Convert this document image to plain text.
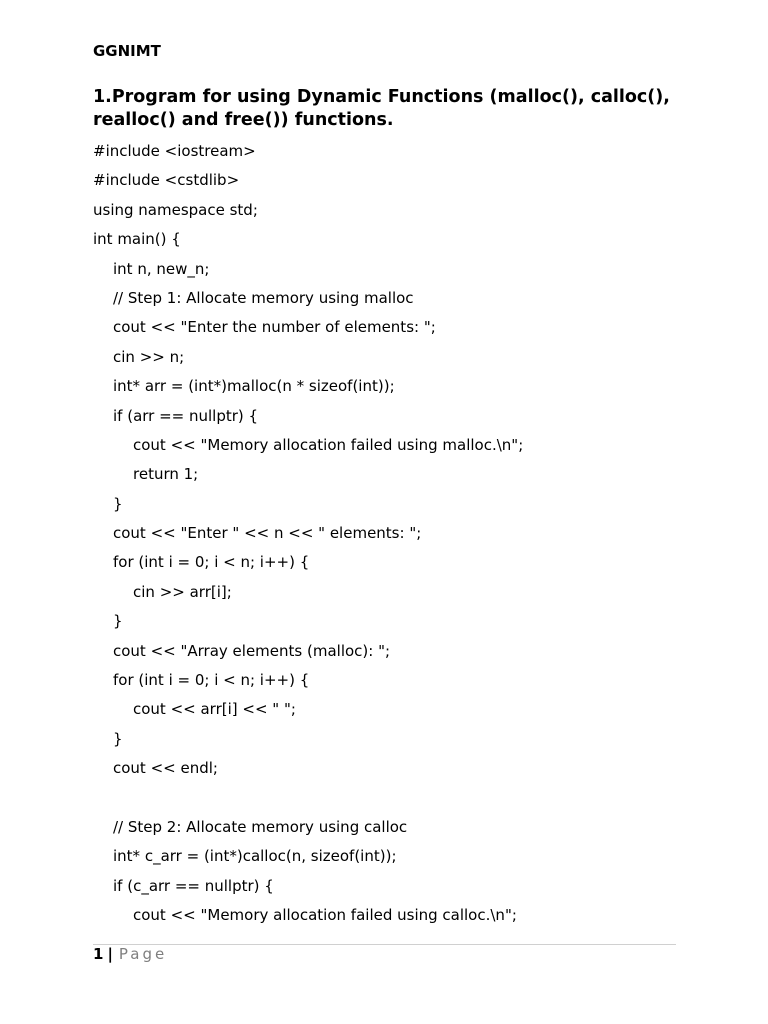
GGNIMT
1.Program for using Dynamic Functions (malloc(), calloc(), realloc() and free()) functions.
#include <iostream>
#include <cstdlib>
using namespace std;
int main() {
int n, new_n;
// Step 1: Allocate memory using malloc
cout << "Enter the number of elements: ";
cin >> n;
int* arr = (int*)malloc(n * sizeof(int));
if (arr == nullptr) {
cout << "Memory allocation failed using malloc.\n";
return 1;
}
cout << "Enter " << n << " elements: ";
for (int i = 0; i < n; i++) {
cin >> arr[i];
}
cout << "Array elements (malloc): ";
for (int i = 0; i < n; i++) {
cout << arr[i] << " ";
}
cout << endl;
// Step 2: Allocate memory using calloc
int* c_arr = (int*)calloc(n, sizeof(int));
if (c_arr == nullptr) {
cout << "Memory allocation failed using calloc.\n";
1 | Page
